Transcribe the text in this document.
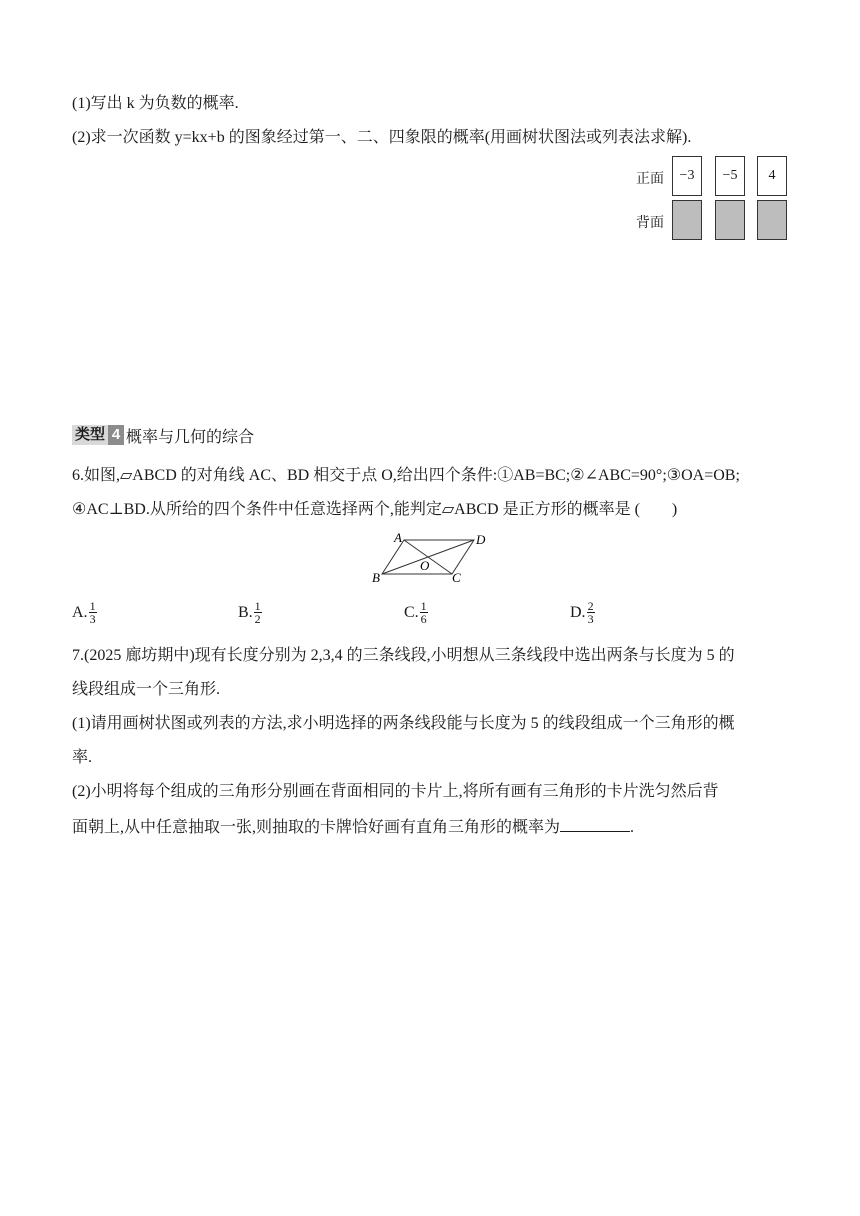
(1)写出 k 为负数的概率.
(2)求一次函数 y=kx+b 的图象经过第一、二、四象限的概率(用画树状图法或列表法求解).
正面
背面
−3	−5	4
类型 4 概率与几何的综合
6.如图,▱ABCD 的对角线 AC、BD 相交于点 O,给出四个条件:①AB=BC;②∠ABC=90°;③OA=OB;
④AC⊥BD.从所给的四个条件中任意选择两个,能判定▱ABCD 是正方形的概率是 (　　)
A	D
B	C
O
A. $\frac{1}{3}$	B. $\frac{1}{2}$	C. $\frac{1}{6}$	D. $\frac{2}{3}$
7.(2025 廊坊期中)现有长度分别为 2,3,4 的三条线段,小明想从三条线段中选出两条与长度为 5 的
线段组成一个三角形.
(1)请用画树状图或列表的方法,求小明选择的两条线段能与长度为 5 的线段组成一个三角形的概
率.
(2)小明将每个组成的三角形分别画在背面相同的卡片上,将所有画有三角形的卡片洗匀然后背
面朝上,从中任意抽取一张,则抽取的卡牌恰好画有直角三角形的概率为	.
